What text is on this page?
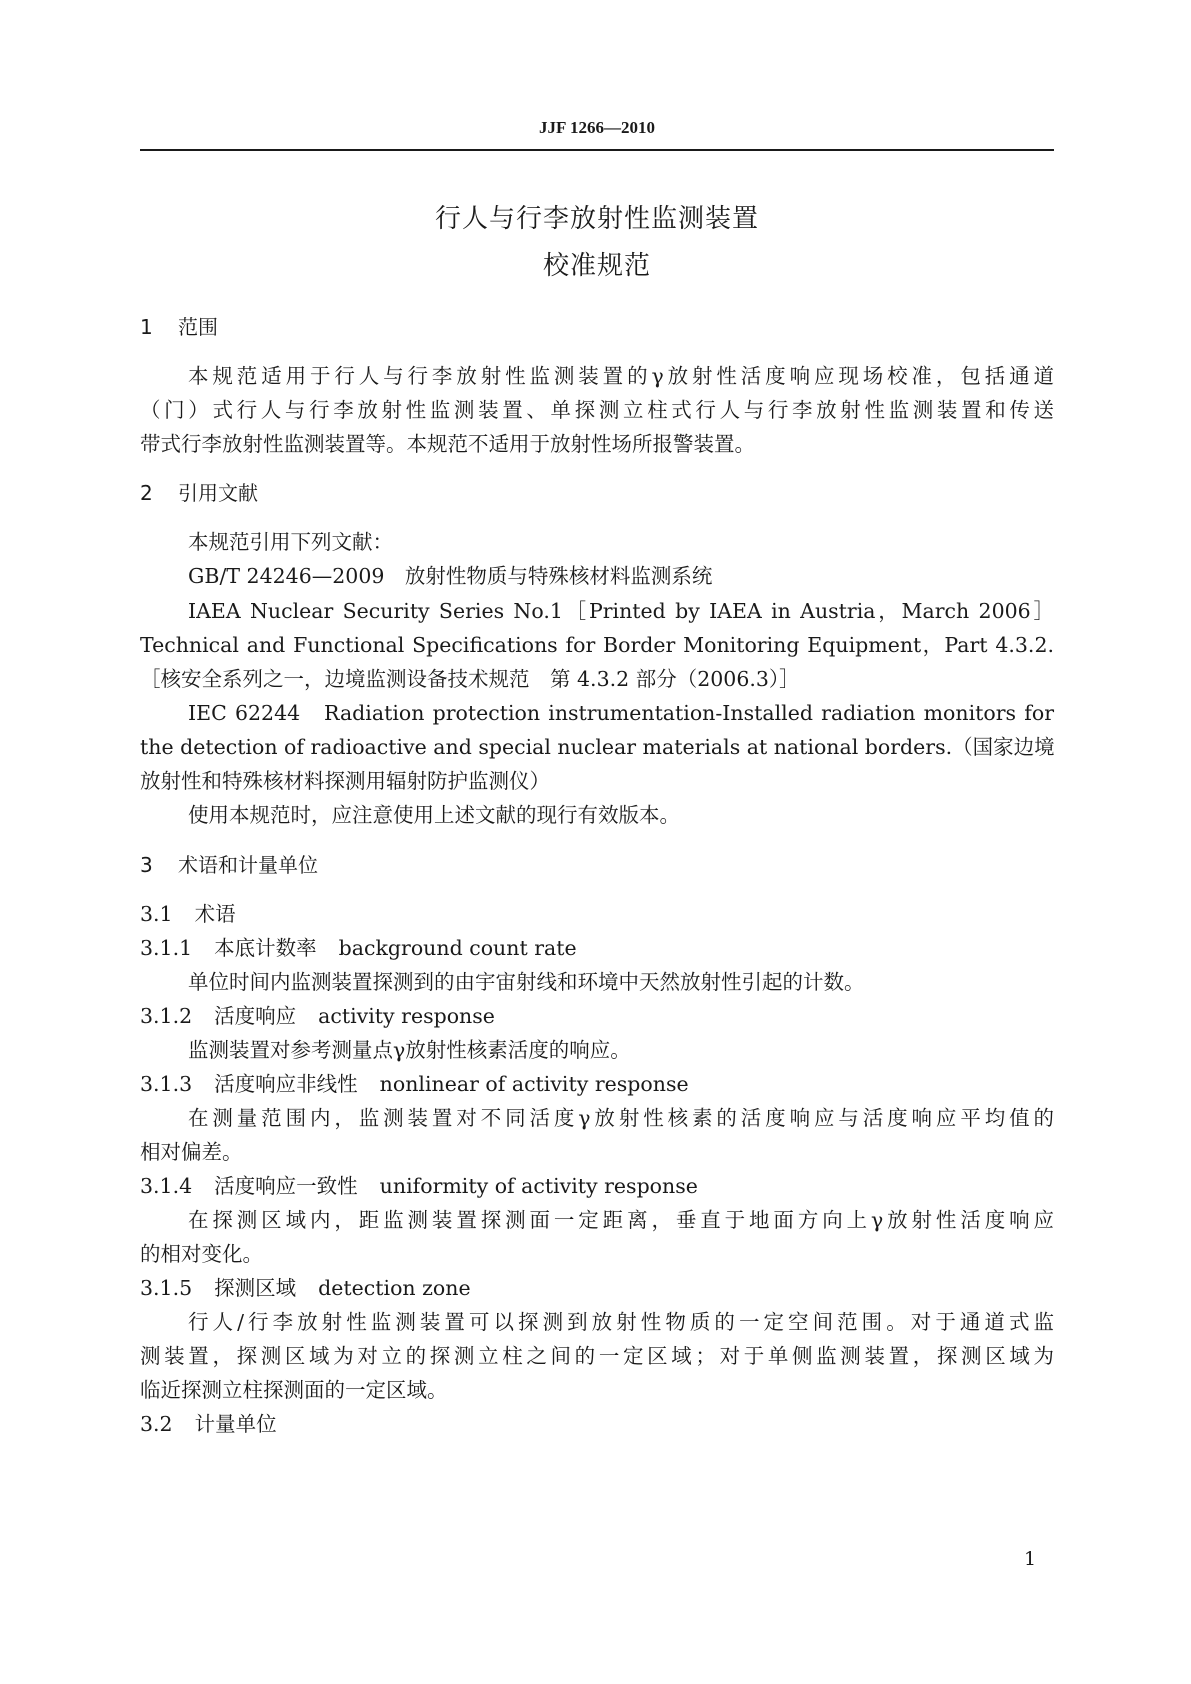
JJF 1266—2010
行人与行李放射性监测装置
校准规范
1 范围
本规范适用于行人与行李放射性监测装置的γ放射性活度响应现场校准，包括通道
（门）式行人与行李放射性监测装置、单探测立柱式行人与行李放射性监测装置和传送
带式行李放射性监测装置等。本规范不适用于放射性场所报警装置。
2 引用文献
本规范引用下列文献：
GB/T 24246—2009　放射性物质与特殊核材料监测系统
IAEA Nuclear Security Series No.1［Printed by IAEA in Austria，March 2006］
Technical and Functional Specifications for Border Monitoring Equipment，Part 4.3.2.
［核安全系列之一，边境监测设备技术规范　第 4.3.2 部分（2006.3）］
IEC 62244　Radiation protection instrumentation-Installed radiation monitors for
the detection of radioactive and special nuclear materials at national borders.（国家边境
放射性和特殊核材料探测用辐射防护监测仪）
使用本规范时，应注意使用上述文献的现行有效版本。
3 术语和计量单位
3.1 术语
3.1.1 本底计数率 background count rate
单位时间内监测装置探测到的由宇宙射线和环境中天然放射性引起的计数。
3.1.2 活度响应 activity response
监测装置对参考测量点γ放射性核素活度的响应。
3.1.3 活度响应非线性 nonlinear of activity response
在测量范围内，监测装置对不同活度γ放射性核素的活度响应与活度响应平均值的
相对偏差。
3.1.4 活度响应一致性 uniformity of activity response
在探测区域内，距监测装置探测面一定距离，垂直于地面方向上γ放射性活度响应
的相对变化。
3.1.5 探测区域 detection zone
行人/行李放射性监测装置可以探测到放射性物质的一定空间范围。对于通道式监
测装置，探测区域为对立的探测立柱之间的一定区域；对于单侧监测装置，探测区域为
临近探测立柱探测面的一定区域。
3.2 计量单位
1
